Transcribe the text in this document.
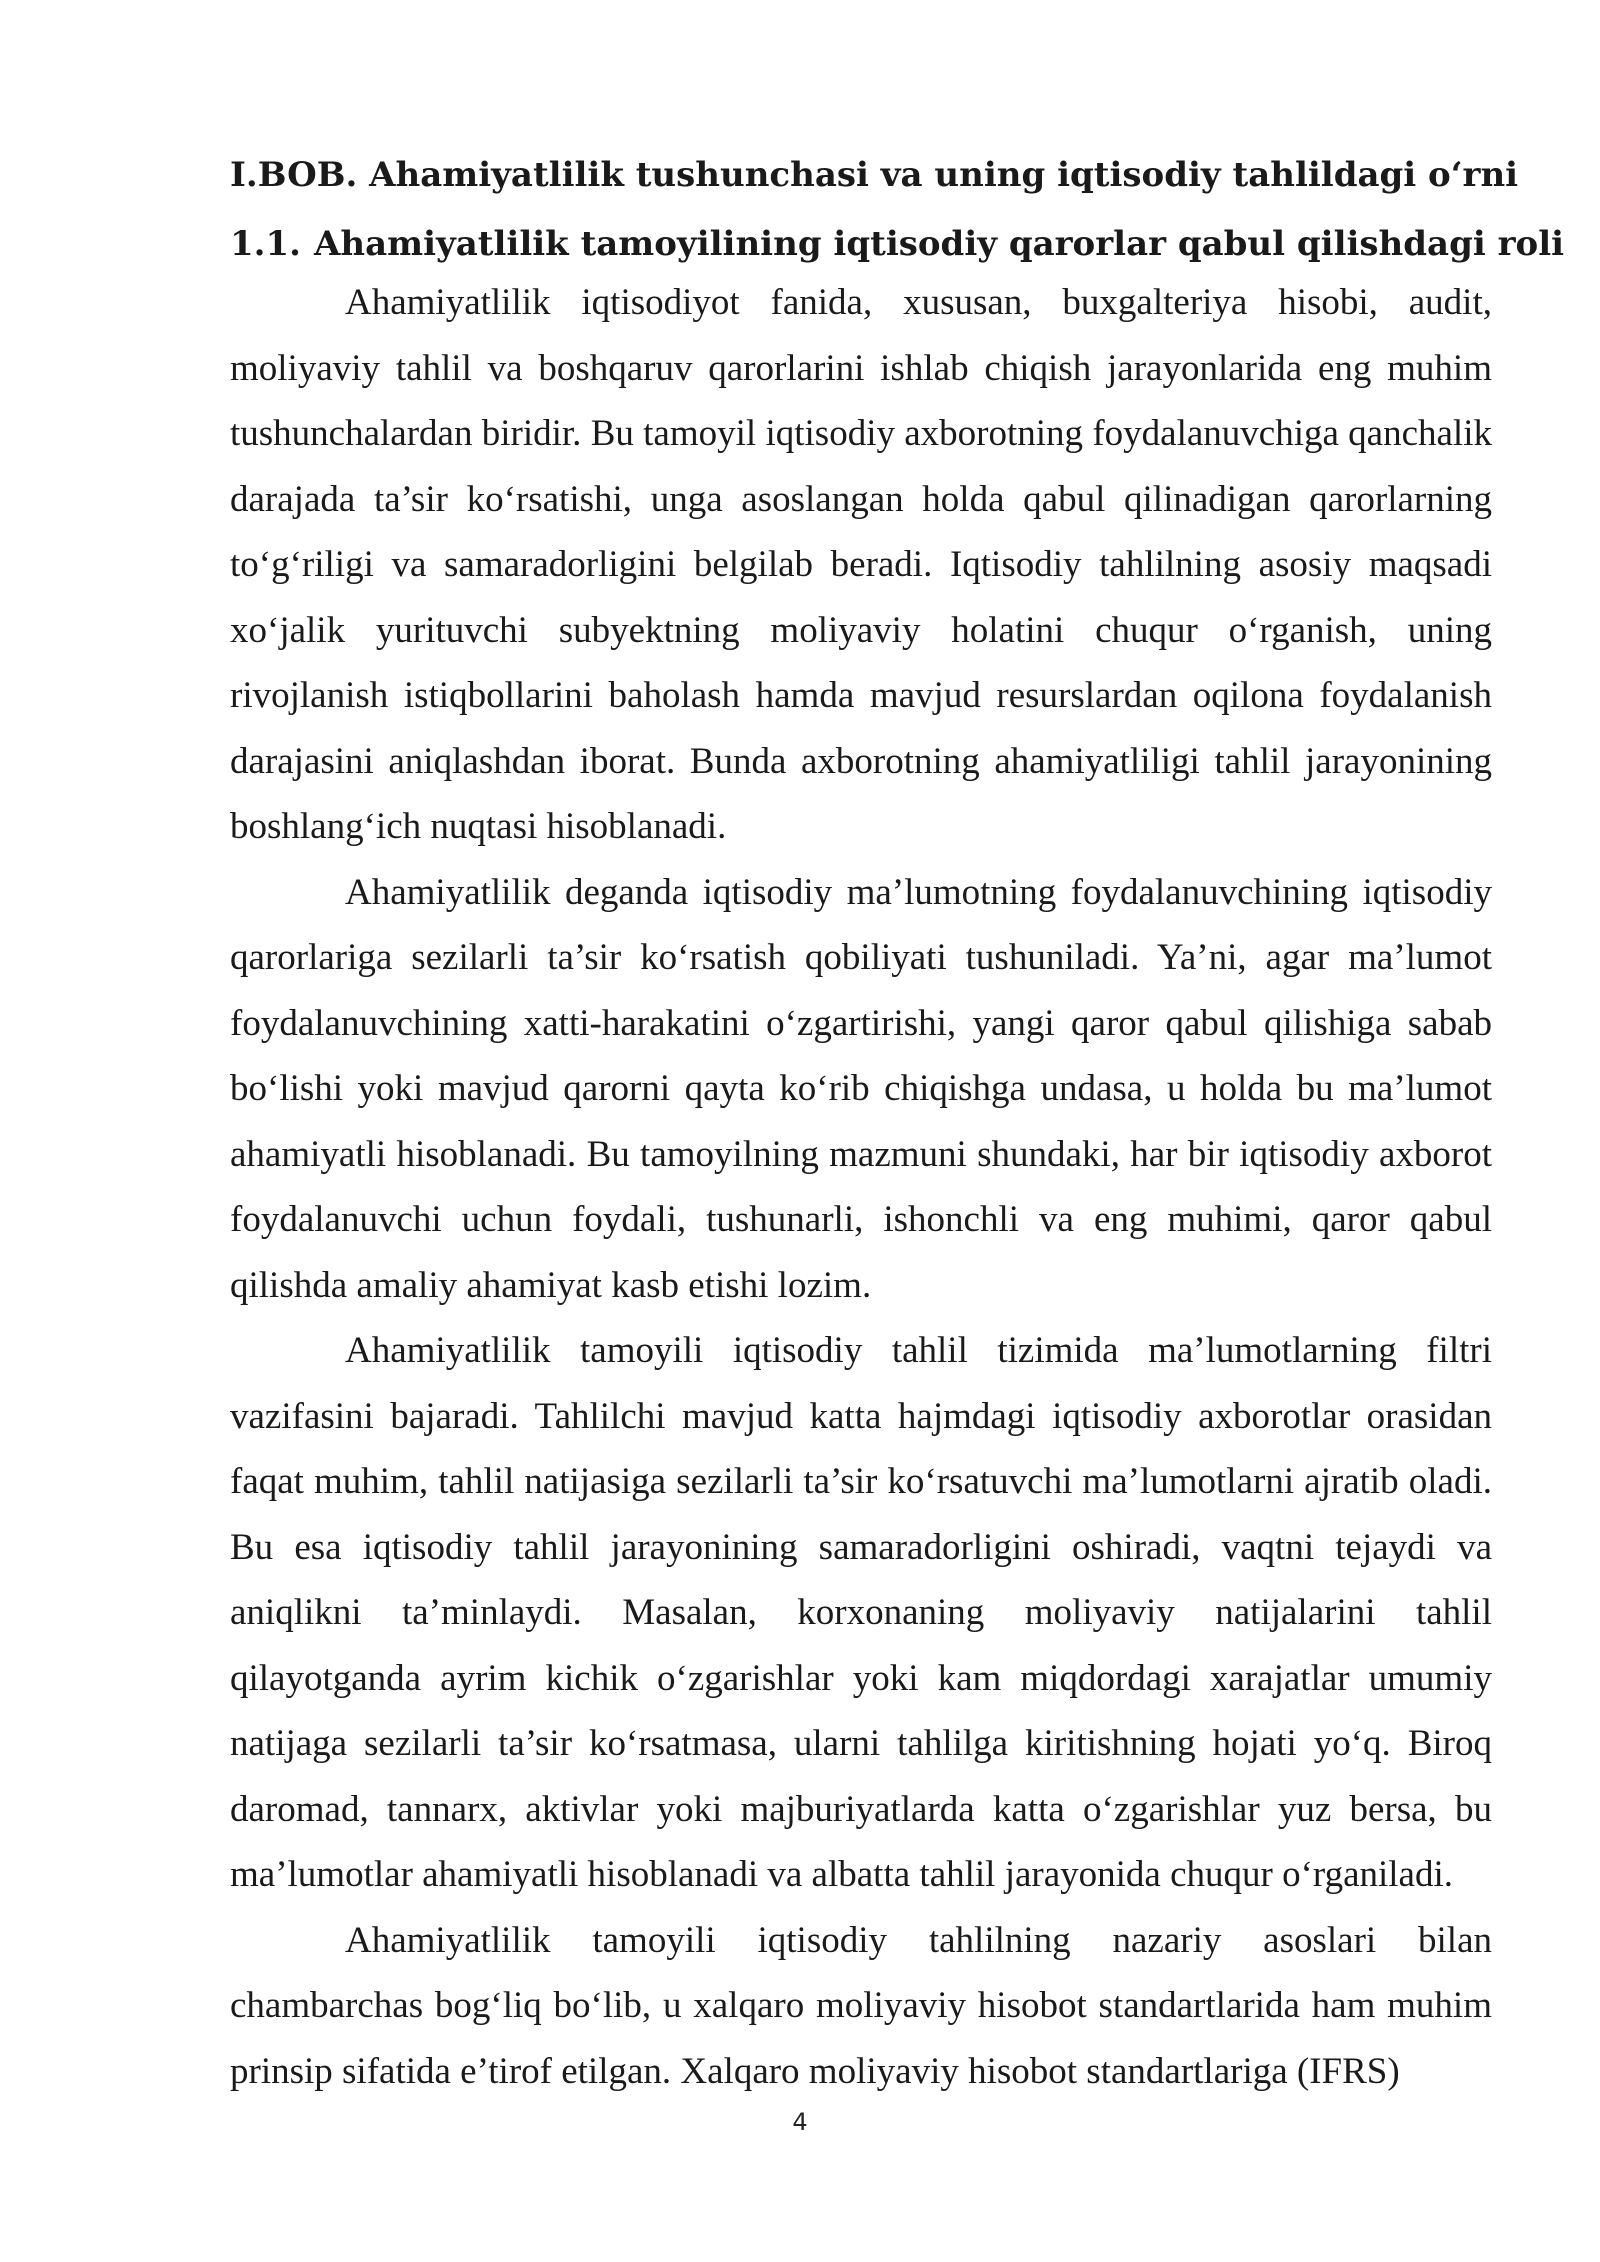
I.BOB. Ahamiyatlilik tushunchasi va uning iqtisodiy tahlildagi o‘rni
1.1. Ahamiyatlilik tamoyilining iqtisodiy qarorlar qabul qilishdagi roli

Ahamiyatlilik iqtisodiyot fanida, xususan, buxgalteriya hisobi, audit, moliyaviy tahlil va boshqaruv qarorlarini ishlab chiqish jarayonlarida eng muhim tushunchalardan biridir. Bu tamoyil iqtisodiy axborotning foydalanuvchiga qanchalik darajada ta’sir ko‘rsatishi, unga asoslangan holda qabul qilinadigan qarorlarning to‘g‘riligi va samaradorligini belgilab beradi. Iqtisodiy tahlilning asosiy maqsadi xo‘jalik yurituvchi subyektning moliyaviy holatini chuqur o‘rganish, uning rivojlanish istiqbollarini baholash hamda mavjud resurslardan oqilona foydalanish darajasini aniqlashdan iborat. Bunda axborotning ahamiyatliligi tahlil jarayonining boshlang‘ich nuqtasi hisoblanadi.

Ahamiyatlilik deganda iqtisodiy ma’lumotning foydalanuvchining iqtisodiy qarorlariga sezilarli ta’sir ko‘rsatish qobiliyati tushuniladi. Ya’ni, agar ma’lumot foydalanuvchining xatti-harakatini o‘zgartirishi, yangi qaror qabul qilishiga sabab bo‘lishi yoki mavjud qarorni qayta ko‘rib chiqishga undasa, u holda bu ma’lumot ahamiyatli hisoblanadi. Bu tamoyilning mazmuni shundaki, har bir iqtisodiy axborot foydalanuvchi uchun foydali, tushunarli, ishonchli va eng muhimi, qaror qabul qilishda amaliy ahamiyat kasb etishi lozim.

Ahamiyatlilik tamoyili iqtisodiy tahlil tizimida ma’lumotlarning filtri vazifasini bajaradi. Tahlilchi mavjud katta hajmdagi iqtisodiy axborotlar orasidan faqat muhim, tahlil natijasiga sezilarli ta’sir ko‘rsatuvchi ma’lumotlarni ajratib oladi. Bu esa iqtisodiy tahlil jarayonining samaradorligini oshiradi, vaqtni tejaydi va aniqlikni ta’minlaydi. Masalan, korxonaning moliyaviy natijalarini tahlil qilayotganda ayrim kichik o‘zgarishlar yoki kam miqdordagi xarajatlar umumiy natijaga sezilarli ta’sir ko‘rsatmasa, ularni tahlilga kiritishning hojati yo‘q. Biroq daromad, tannarx, aktivlar yoki majburiyatlarda katta o‘zgarishlar yuz bersa, bu ma’lumotlar ahamiyatli hisoblanadi va albatta tahlil jarayonida chuqur o‘rganiladi.

Ahamiyatlilik tamoyili iqtisodiy tahlilning nazariy asoslari bilan chambarchas bog‘liq bo‘lib, u xalqaro moliyaviy hisobot standartlarida ham muhim prinsip sifatida e’tirof etilgan. Xalqaro moliyaviy hisobot standartlariga (IFRS)

4
